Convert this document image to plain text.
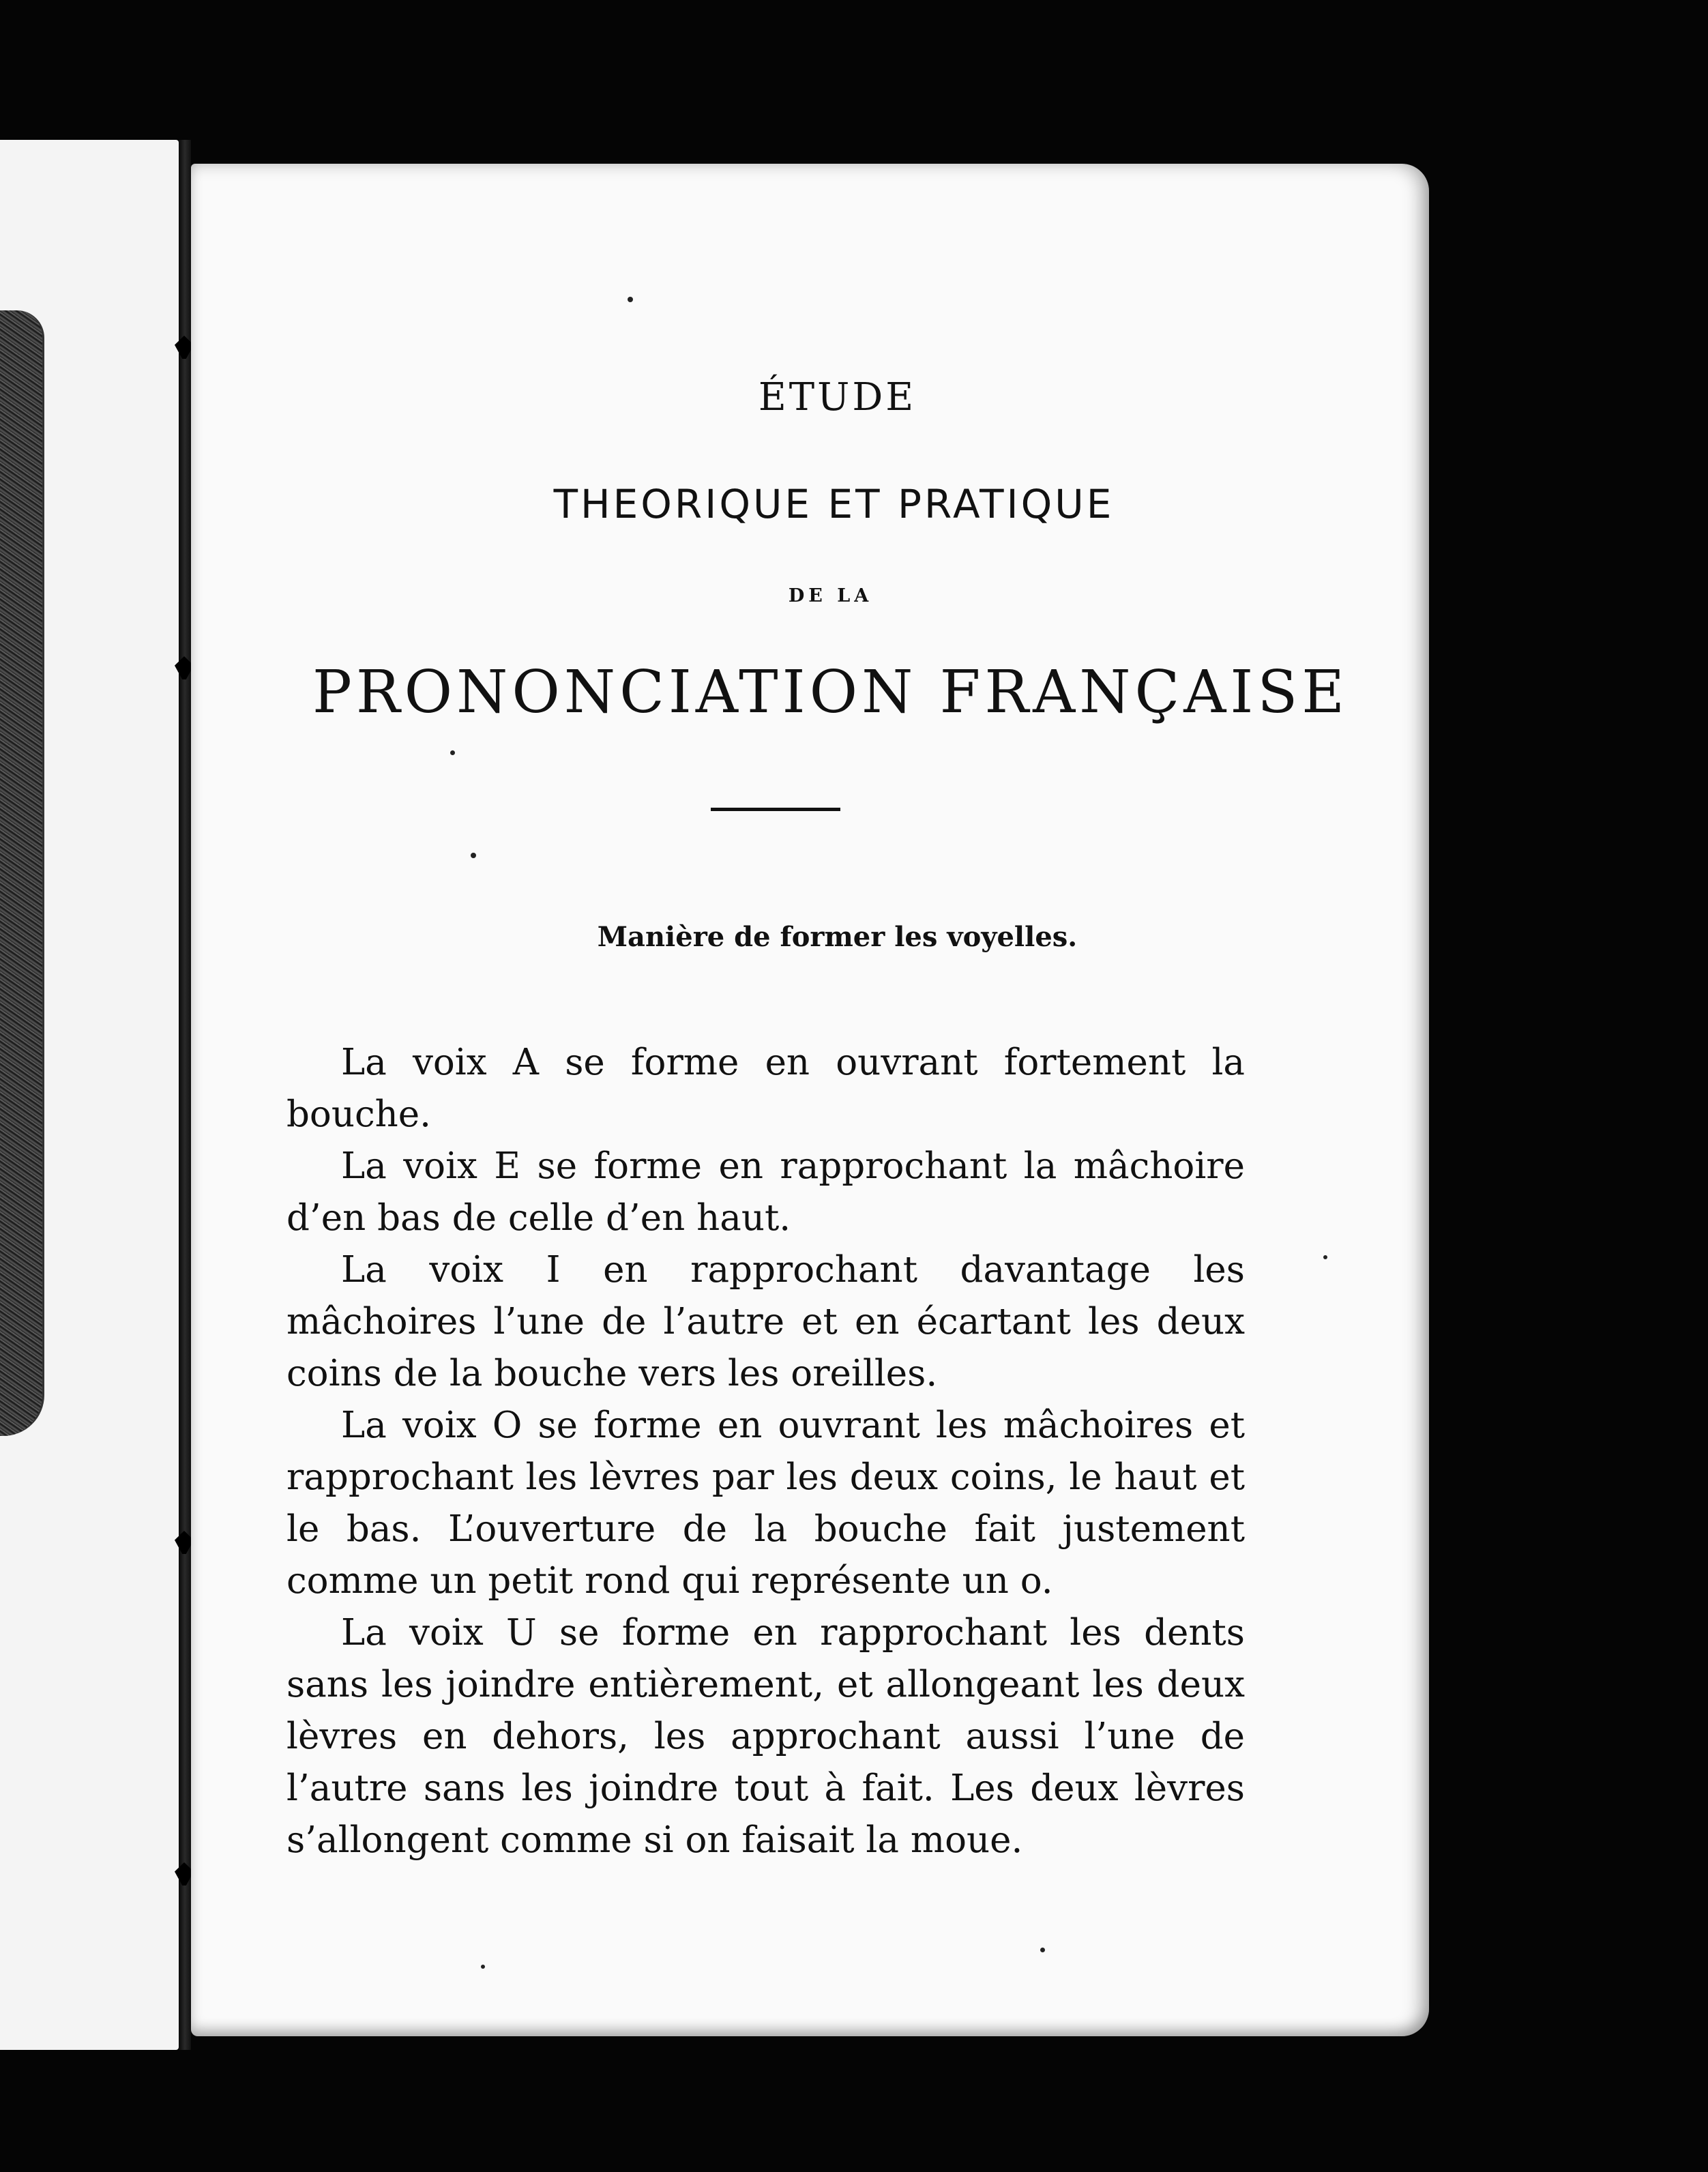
ÉTUDE
THEORIQUE ET PRATIQUE
DE LA
PRONONCIATION FRANÇAISE
Manière de former les voyelles.

La voix A se forme en ouvrant fortement la bouche.

La voix E se forme en rapprochant la mâchoire d’en bas de celle d’en haut.

La voix I en rapprochant davantage les mâchoires l’une de l’autre et en écartant les deux coins de la bouche vers les oreilles.

La voix O se forme en ouvrant les mâchoires et rapprochant les lèvres par les deux coins, le haut et le bas. L’ouverture de la bouche fait justement comme un petit rond qui représente un o.

La voix U se forme en rapprochant les dents sans les joindre entièrement, et allongeant les deux lèvres en dehors, les approchant aussi l’une de l’autre sans les joindre tout à fait. Les deux lèvres s’allongent comme si on faisait la moue.
